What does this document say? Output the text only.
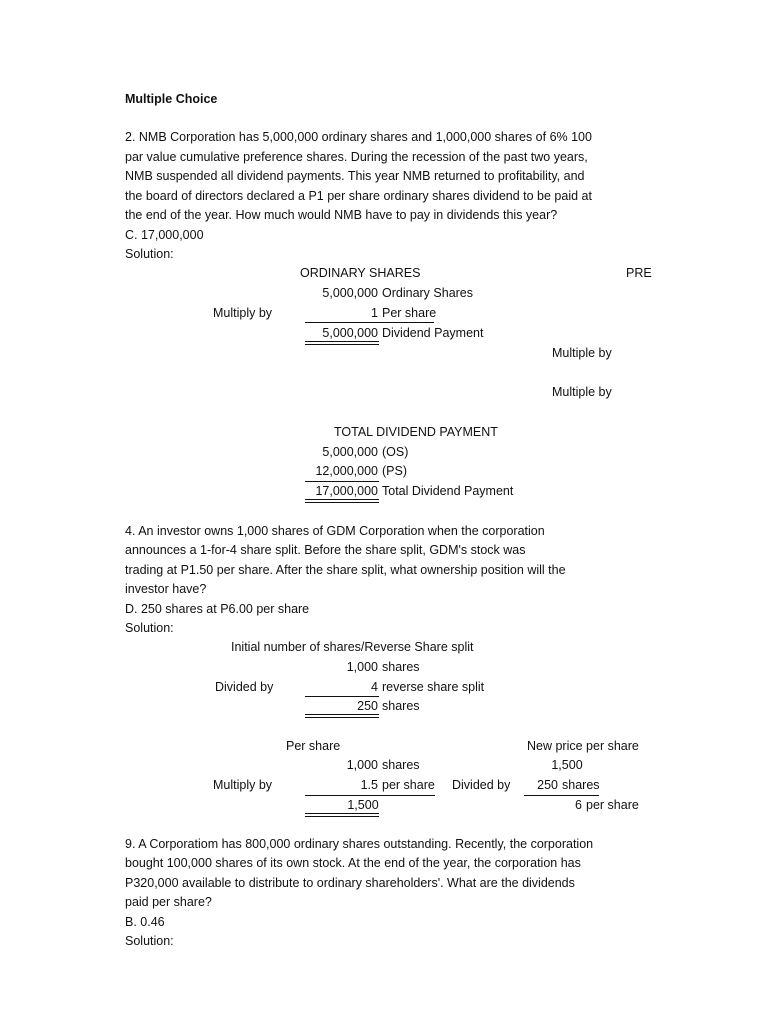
Multiple Choice
2. NMB Corporation has 5,000,000 ordinary shares and 1,000,000 shares of 6% 100
par value cumulative preference shares. During the recession of the past two years,
NMB suspended all dividend payments. This year NMB returned to profitability, and
the board of directors declared a P1 per share ordinary shares dividend to be paid at
the end of the year. How much would NMB have to pay in dividends this year?
C. 17,000,000
Solution:
ORDINARY SHARES	PRE
5,000,000 Ordinary Shares
Multiply by	1 Per share
5,000,000 Dividend Payment
Multiple by
Multiple by
TOTAL DIVIDEND PAYMENT
5,000,000 (OS)
12,000,000 (PS)
17,000,000 Total Dividend Payment
4. An investor owns 1,000 shares of GDM Corporation when the corporation
announces a 1-for-4 share split. Before the share split, GDM's stock was
trading at P1.50 per share. After the share split, what ownership position will the
investor have?
D. 250 shares at P6.00 per share
Solution:
Initial number of shares/Reverse Share split
1,000 shares
Divided by	4 reverse share split
250 shares
Per share	New price per share
1,000 shares	1,500
Multiply by	1.5 per share Divided by	250 shares
1,500	6 per share
9. A Corporatiom has 800,000 ordinary shares outstanding. Recently, the corporation
bought 100,000 shares of its own stock. At the end of the year, the corporation has
P320,000 available to distribute to ordinary shareholders'. What are the dividends
paid per share?
B. 0.46
Solution:
